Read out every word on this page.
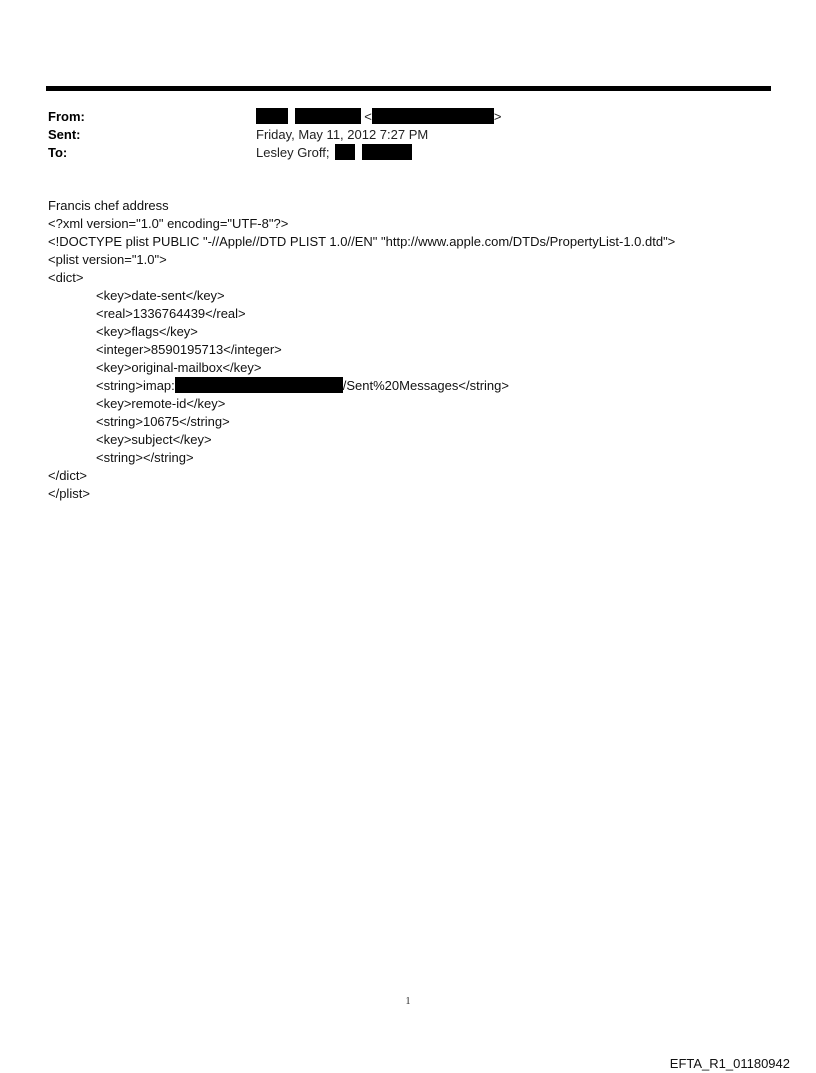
From:	<	>
Sent:	Friday, May 11, 2012 7:27 PM
To:	Lesley Groff;
Francis chef address
<?xml version="1.0" encoding="UTF-8"?>
<!DOCTYPE plist PUBLIC "-//Apple//DTD PLIST 1.0//EN" "http://www.apple.com/DTDs/PropertyList-1.0.dtd">
<plist version="1.0">
<dict>
<key>date-sent</key>
<real>1336764439</real>
<key>flags</key>
<integer>8590195713</integer>
<key>original-mailbox</key>
<string>imap:	/Sent%20Messages</string>
<key>remote-id</key>
<string>10675</string>
<key>subject</key>
<string></string>
</dict>
</plist>
1
EFTA_R1_01180942
